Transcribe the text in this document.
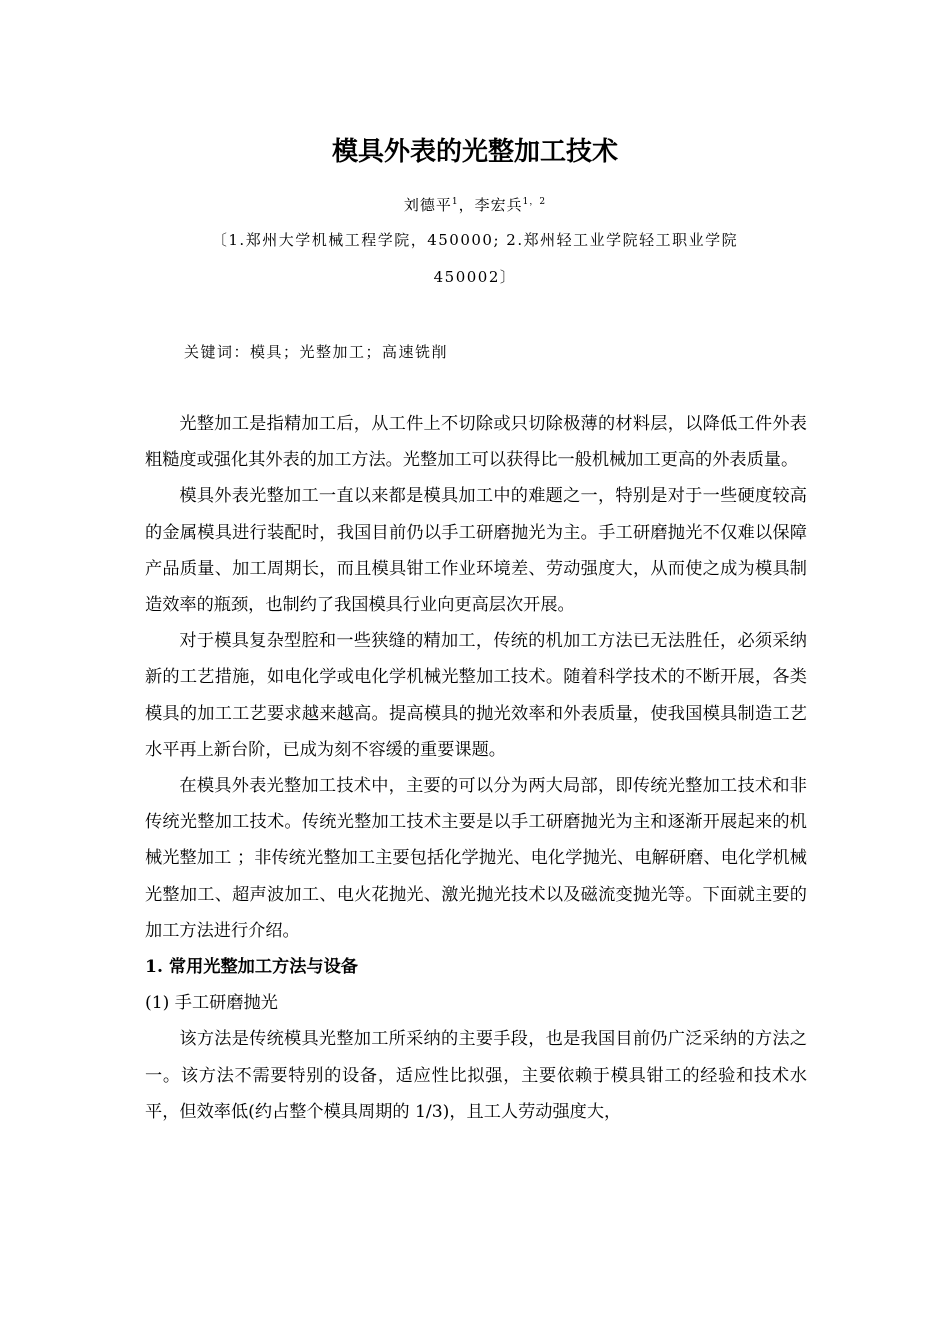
模具外表的光整加工技术
刘德平$^1$，李宏兵$^{1,2}$
〔1.郑州大学机械工程学院，450000; 2.郑州轻工业学院轻工职业学院
450002〕
关键词：模具；光整加工；高速铣削

光整加工是指精加工后，从工件上不切除或只切除极薄的材料层，以降低工件外表粗糙度或强化其外表的加工方法。光整加工可以获得比一般机械加工更高的外表质量。

模具外表光整加工一直以来都是模具加工中的难题之一，特别是对于一些硬度较高的金属模具进行装配时，我国目前仍以手工研磨抛光为主。手工研磨抛光不仅难以保障产品质量、加工周期长，而且模具钳工作业环境差、劳动强度大，从而使之成为模具制造效率的瓶颈，也制约了我国模具行业向更高层次开展。

对于模具复杂型腔和一些狭缝的精加工，传统的机加工方法已无法胜任，必须采纳新的工艺措施，如电化学或电化学机械光整加工技术。随着科学技术的不断开展，各类模具的加工工艺要求越来越高。提高模具的抛光效率和外表质量，使我国模具制造工艺水平再上新台阶，已成为刻不容缓的重要课题。

在模具外表光整加工技术中，主要的可以分为两大局部，即传统光整加工技术和非传统光整加工技术。传统光整加工技术主要是以手工研磨抛光为主和逐渐开展起来的机械光整加工 ；非传统光整加工主要包括化学抛光、电化学抛光、电解研磨、电化学机械光整加工、超声波加工、电火花抛光、激光抛光技术以及磁流变抛光等。下面就主要的加工方法进行介绍。

1. 常用光整加工方法与设备
(1) 手工研磨抛光

该方法是传统模具光整加工所采纳的主要手段，也是我国目前仍广泛采纳的方法之一。该方法不需要特别的设备，适应性比拟强，主要依赖于模具钳工的经验和技术水平，但效率低(约占整个模具周期的 1/3)，且工人劳动强度大，
